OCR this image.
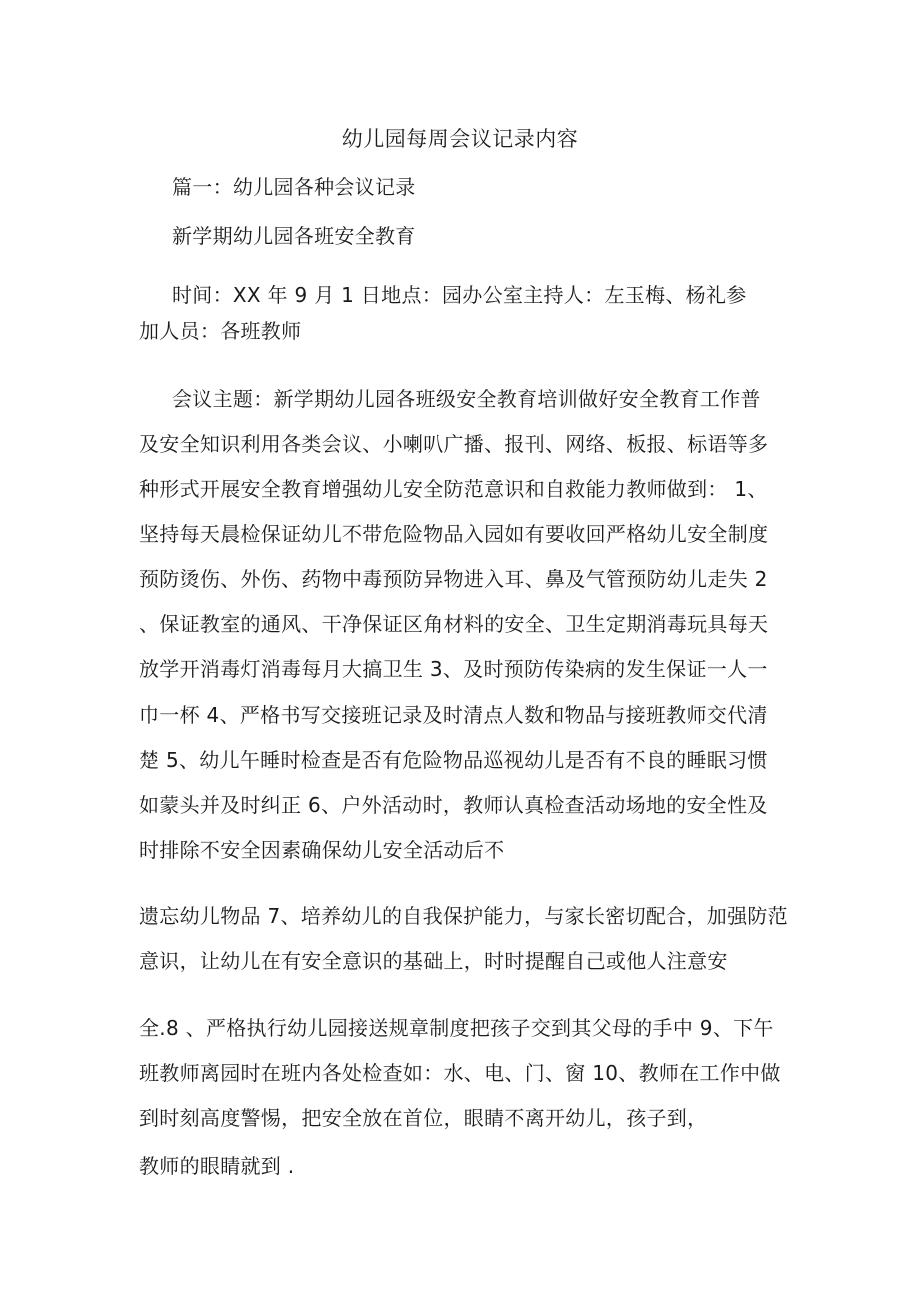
幼儿园每周会议记录内容
篇一：幼儿园各种会议记录
新学期幼儿园各班安全教育
时间：XX 年 9 月 1 日地点：园办公室主持人：左玉梅、杨礼参
加人员：各班教师
会议主题：新学期幼儿园各班级安全教育培训做好安全教育工作普
及安全知识利用各类会议、小喇叭广播、报刊、网络、板报、标语等多
种形式开展安全教育增强幼儿安全防范意识和自救能力教师做到： 1、
坚持每天晨检保证幼儿不带危险物品入园如有要收回严格幼儿安全制度
预防烫伤、外伤、药物中毒预防异物进入耳、鼻及气管预防幼儿走失 2
、保证教室的通风、干净保证区角材料的安全、卫生定期消毒玩具每天
放学开消毒灯消毒每月大搞卫生 3、及时预防传染病的发生保证一人一
巾一杯 4、严格书写交接班记录及时清点人数和物品与接班教师交代清
楚 5、幼儿午睡时检查是否有危险物品巡视幼儿是否有不良的睡眠习惯
如蒙头并及时纠正 6、户外活动时，教师认真检查活动场地的安全性及
时排除不安全因素确保幼儿安全活动后不
遗忘幼儿物品 7、培养幼儿的自我保护能力，与家长密切配合，加强防范
意识，让幼儿在有安全意识的基础上，时时提醒自己或他人注意安
全.8 、严格执行幼儿园接送规章制度把孩子交到其父母的手中 9、下午
班教师离园时在班内各处检查如：水、电、门、窗 10、教师在工作中做
到时刻高度警惕，把安全放在首位，眼睛不离开幼儿，孩子到，
教师的眼睛就到 .
